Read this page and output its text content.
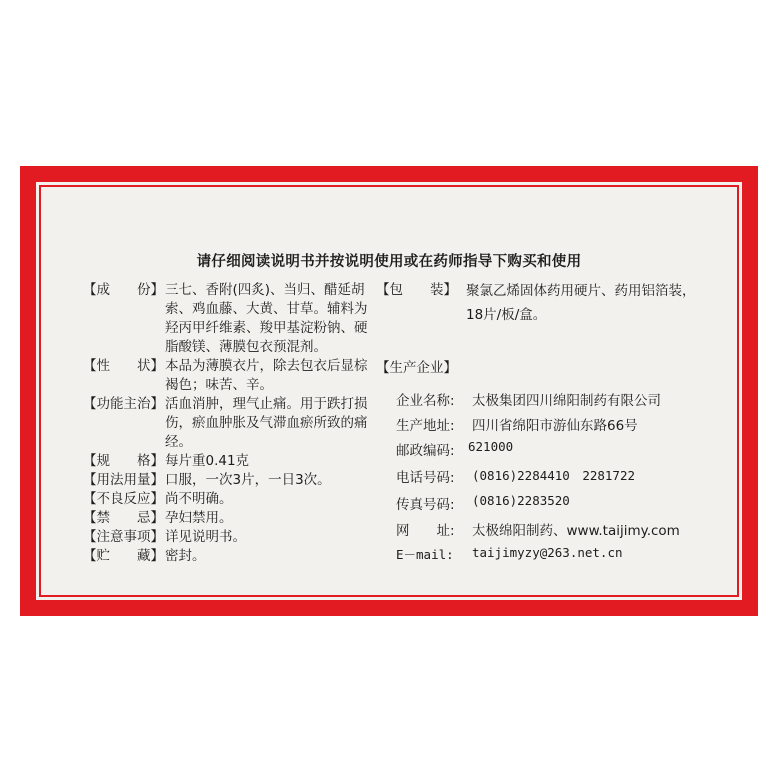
请仔细阅读说明书并按说明使用或在药师指导下购买和使用
【成　　份】 三七、香附(四炙)、当归、醋延胡索、鸡血藤、大黄、甘草。辅料为羟丙甲纤维素、羧甲基淀粉钠、硬脂酸镁、薄膜包衣预混剂。
【性　　状】 本品为薄膜衣片，除去包衣后显棕褐色；味苦、辛。
【功能主治】 活血消肿，理气止痛。用于跌打损伤，瘀血肿胀及气滞血瘀所致的痛经。
【规　　格】 每片重0.41克
【用法用量】 口服，一次3片，一日3次。
【不良反应】 尚不明确。
【禁　　忌】 孕妇禁用。
【注意事项】 详见说明书。
【贮　　藏】 密封。
【包　　装】 聚氯乙烯固体药用硬片、药用铝箔装，18片/板/盒。
【生产企业】
企业名称:	太极集团四川绵阳制药有限公司
生产地址:	四川省绵阳市游仙东路66号
邮政编码:	621000
电话号码:	(0816)2284410　2281722
传真号码:	(0816)2283520
网　　址:	太极绵阳制药、www.taijimy.com
E－mail:	taijimyzy@263.net.cn
